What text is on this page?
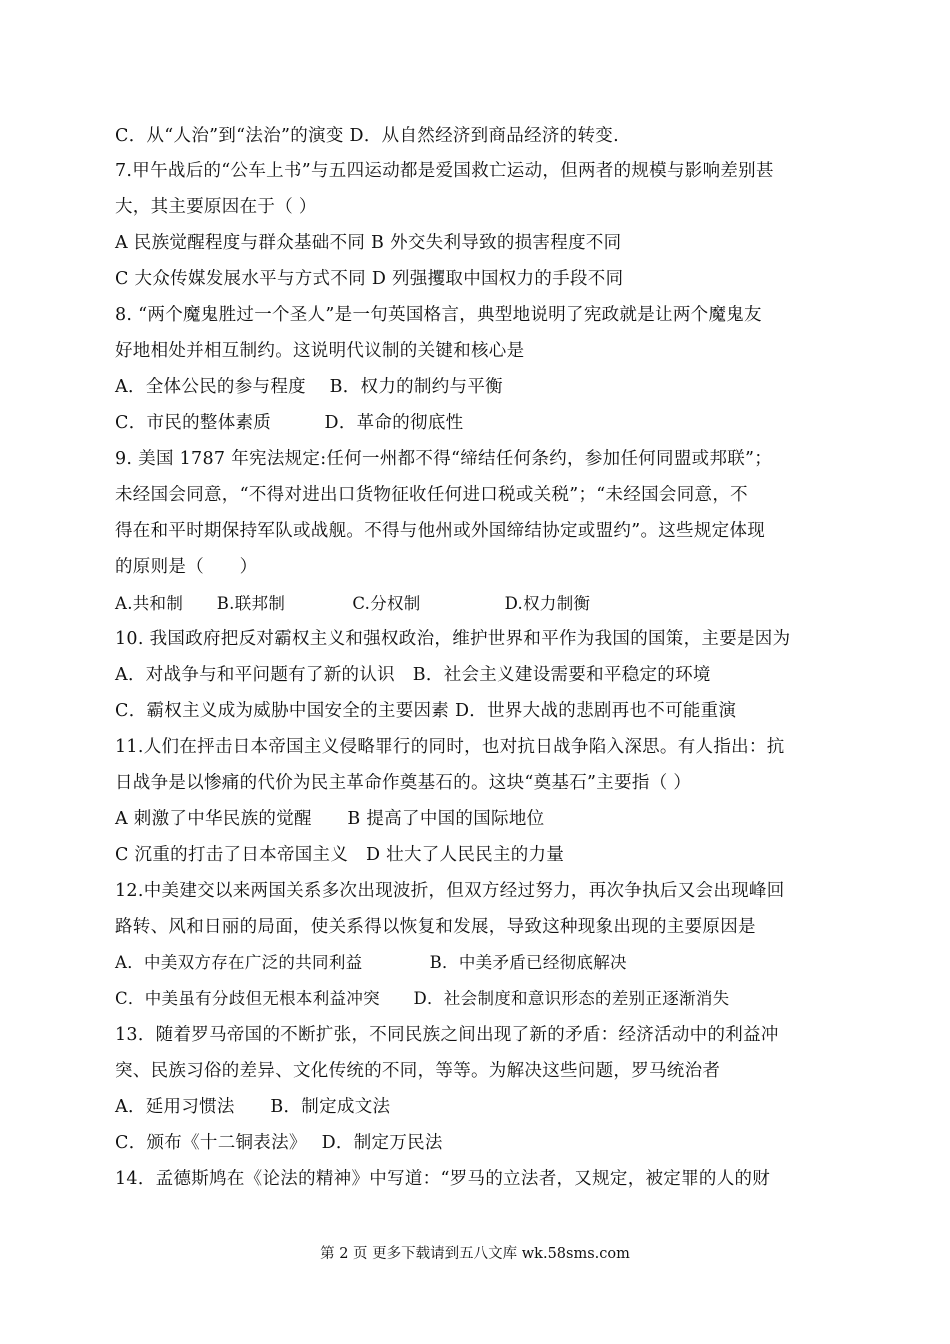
C．从“人治”到“法治”的演变 D．从自然经济到商品经济的转变.
7.甲午战后的“公车上书”与五四运动都是爱国救亡运动，但两者的规模与影响差别甚
大，其主要原因在于（ ）
A 民族觉醒程度与群众基础不同 B 外交失利导致的损害程度不同
C 大众传媒发展水平与方式不同 D 列强攫取中国权力的手段不同
8. “两个魔鬼胜过一个圣人”是一句英国格言，典型地说明了宪政就是让两个魔鬼友
好地相处并相互制约。这说明代议制的关键和核心是
A．全体公民的参与程度　 B．权力的制约与平衡
C．市民的整体素质　　　D．革命的彻底性
9. 美国 1787 年宪法规定:任何一州都不得“缔结任何条约，参加任何同盟或邦联”；
未经国会同意，“不得对进出口货物征收任何进口税或关税”；“未经国会同意，不
得在和平时期保持军队或战舰。不得与他州或外国缔结协定或盟约”。这些规定体现
的原则是（　　）
A.共和制　　B.联邦制　　　　C.分权制　　　　　D.权力制衡
10. 我国政府把反对霸权主义和强权政治，维护世界和平作为我国的国策，主要是因为
A．对战争与和平问题有了新的认识　B．社会主义建设需要和平稳定的环境
C．霸权主义成为威胁中国安全的主要因素 D．世界大战的悲剧再也不可能重演
11.人们在抨击日本帝国主义侵略罪行的同时，也对抗日战争陷入深思。有人指出：抗
日战争是以惨痛的代价为民主革命作奠基石的。这块“奠基石”主要指（ ）
A 刺激了中华民族的觉醒　　B 提高了中国的国际地位
C 沉重的打击了日本帝国主义　D 壮大了人民民主的力量
12.中美建交以来两国关系多次出现波折，但双方经过努力，再次争执后又会出现峰回
路转、风和日丽的局面，使关系得以恢复和发展，导致这种现象出现的主要原因是
A．中美双方存在广泛的共同利益　　　　B．中美矛盾已经彻底解决
C．中美虽有分歧但无根本利益冲突　　D．社会制度和意识形态的差别正逐渐消失
13．随着罗马帝国的不断扩张，不同民族之间出现了新的矛盾：经济活动中的利益冲
突、民族习俗的差异、文化传统的不同，等等。为解决这些问题，罗马统治者
A．延用习惯法　　B．制定成文法
C．颁布《十二铜表法》　 D．制定万民法
14．孟德斯鸠在《论法的精神》中写道：“罗马的立法者，又规定，被定罪的人的财
第 2 页 更多下载请到五八文库 wk.58sms.com
